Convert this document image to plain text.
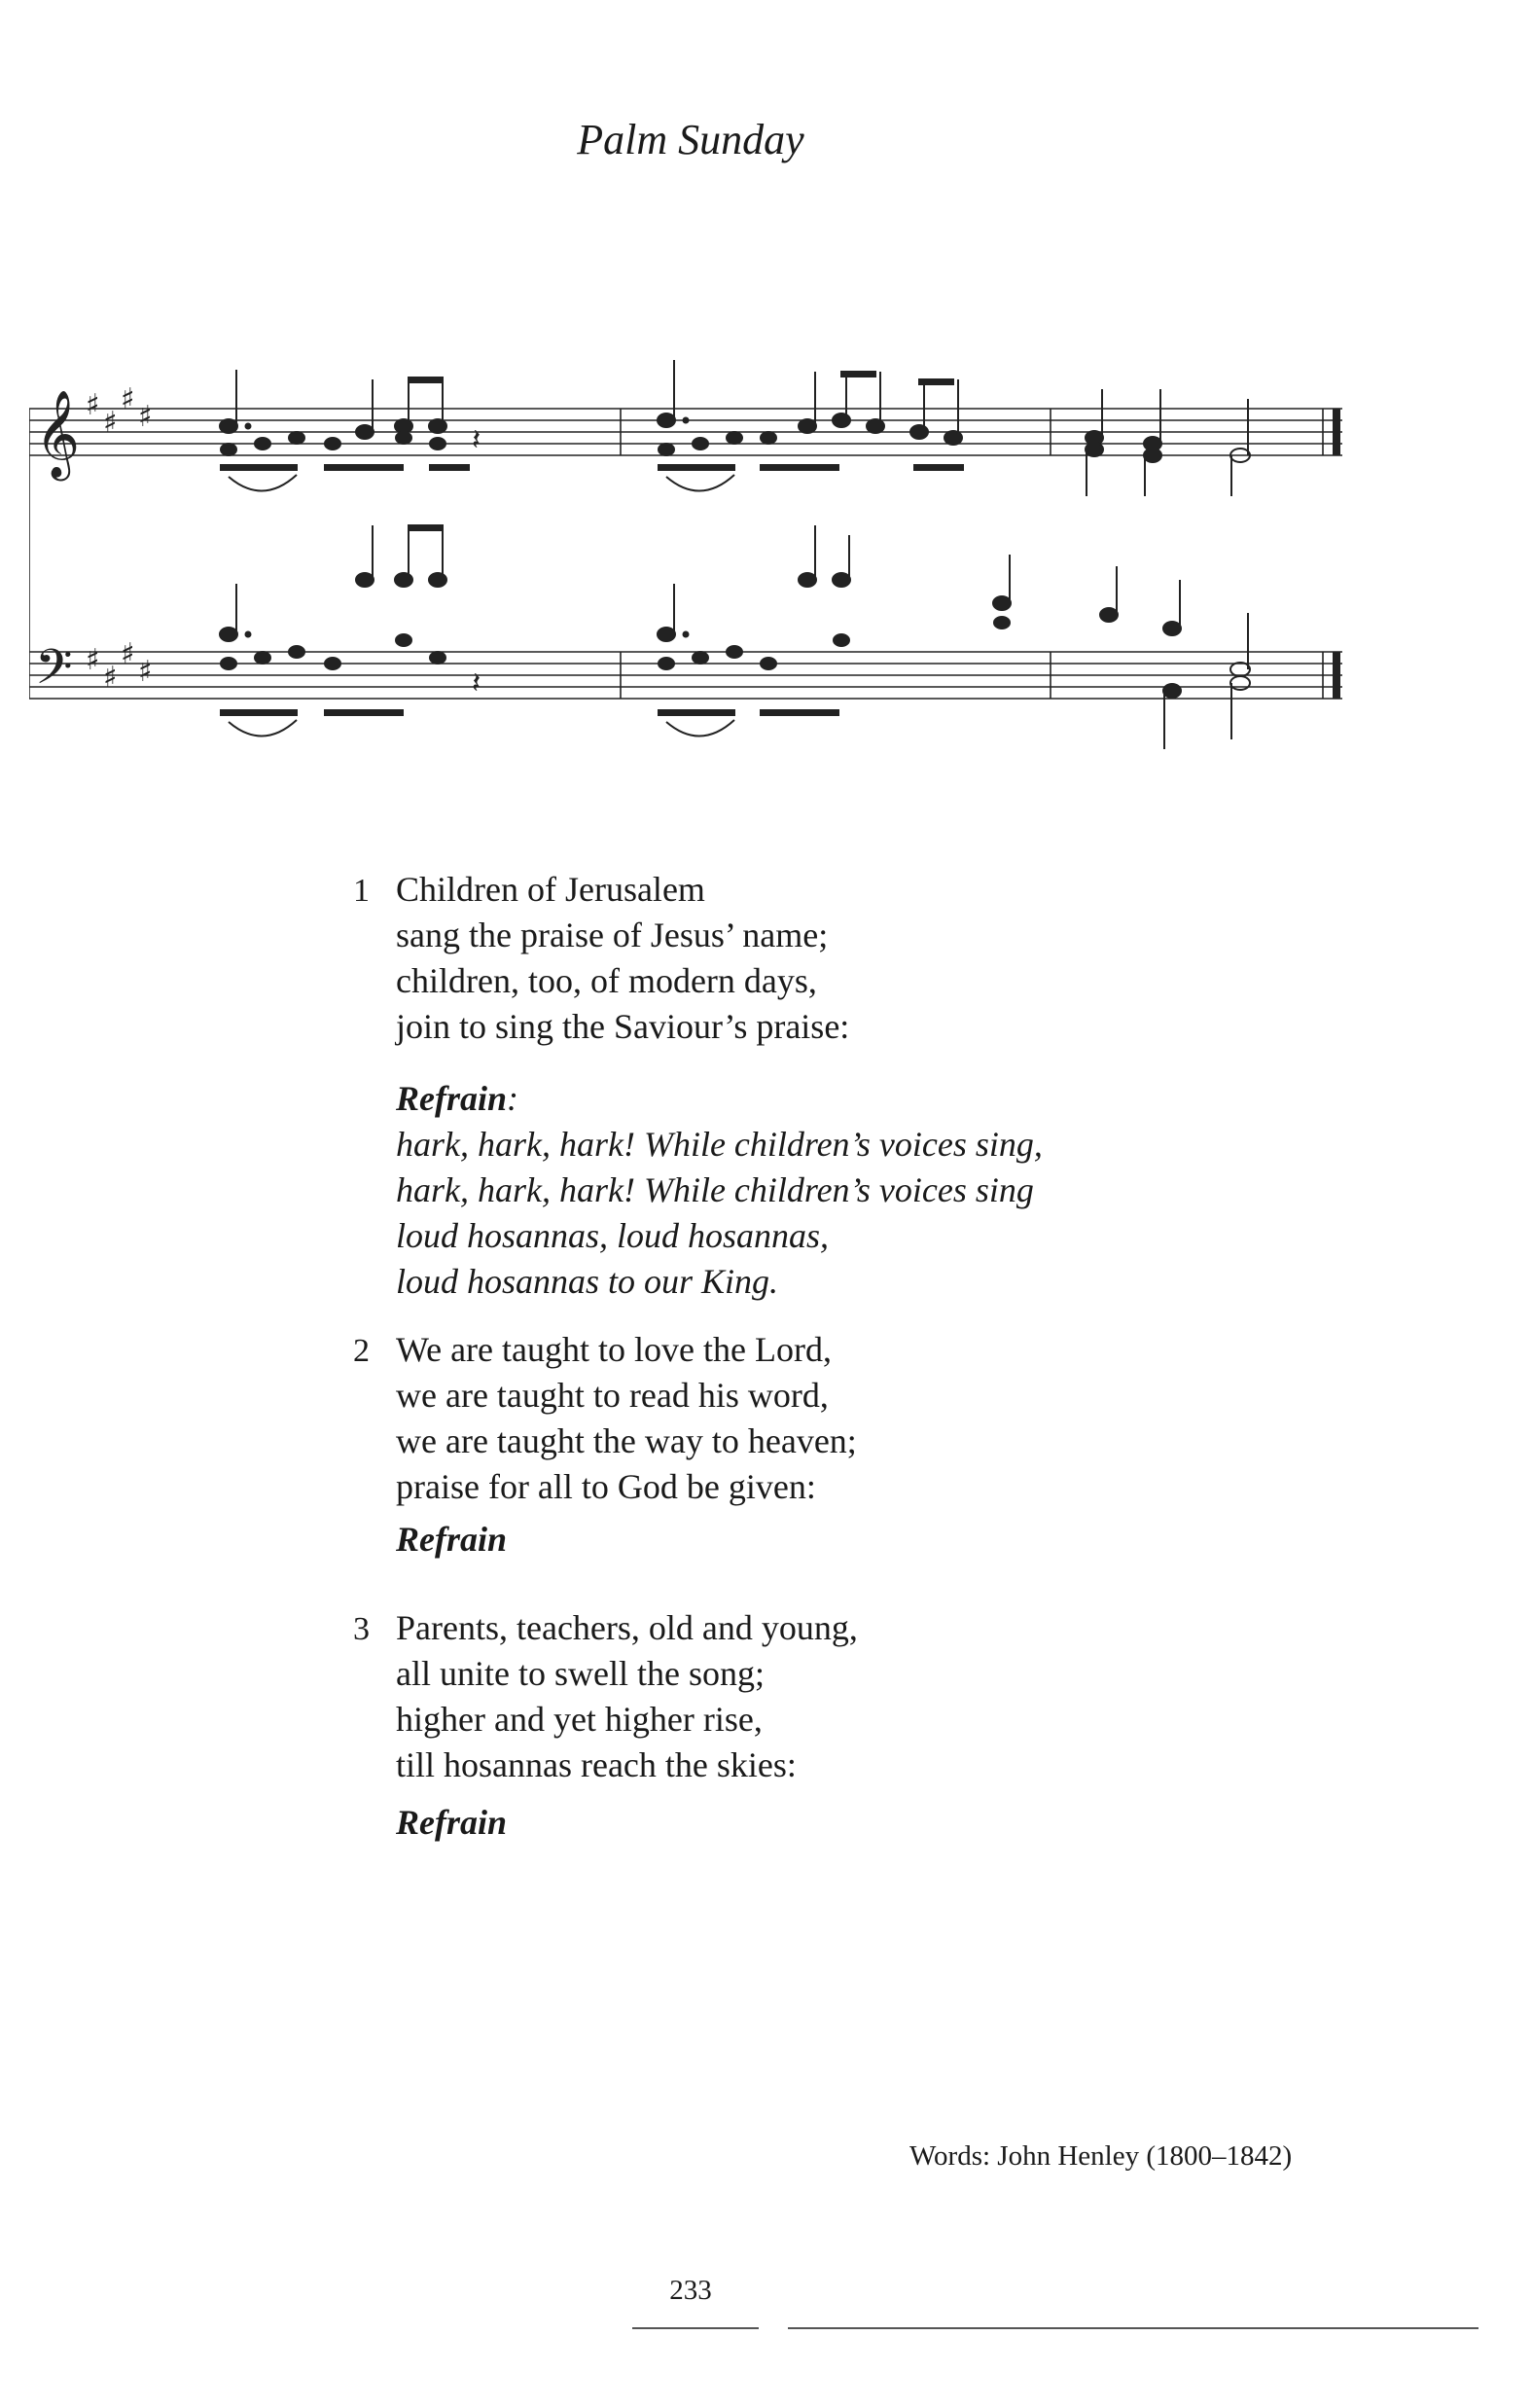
Palm Sunday
𝄞
𝄢
♯
♯
♯
♯
♯
♯
♯
♯
𝄽
𝄽
1 Children of Jerusalem
sang the praise of Jesus’ name;
children, too, of modern days,
join to sing the Saviour’s praise:
Refrain:
hark, hark, hark! While children’s voices sing,
hark, hark, hark! While children’s voices sing
loud hosannas, loud hosannas,
loud hosannas to our King.
2 We are taught to love the Lord,
we are taught to read his word,
we are taught the way to heaven;
praise for all to God be given:
Refrain
3 Parents, teachers, old and young,
all unite to swell the song;
higher and yet higher rise,
till hosannas reach the skies:
Refrain
Words: John Henley (1800–1842)
233
